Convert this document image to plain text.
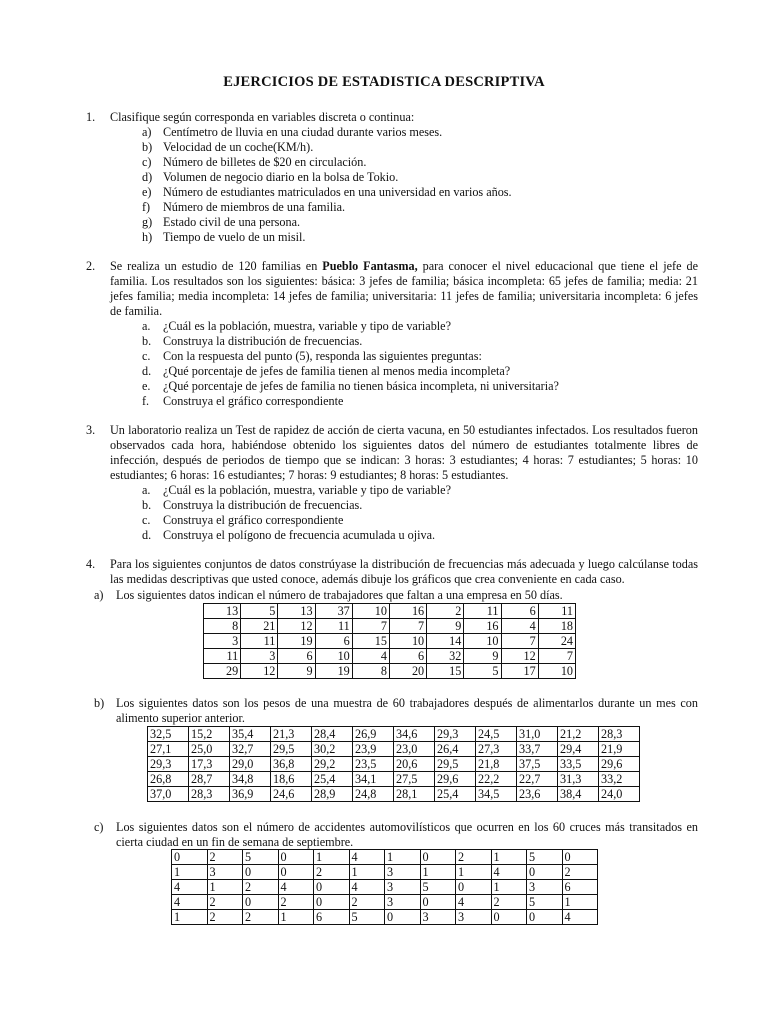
EJERCICIOS DE ESTADISTICA DESCRIPTIVA
1. Clasifique según corresponda en variables discreta o continua:
a) Centímetro de lluvia en una ciudad durante varios meses.
b) Velocidad de un coche(KM/h).
c) Número de billetes de $20 en circulación.
d) Volumen de negocio diario en la bolsa de Tokio.
e) Número de estudiantes matriculados en una universidad en varios años.
f)	Número de miembros de una familia.
g) Estado civil de una persona.
h) Tiempo de vuelo de un misil.
2. Se realiza un estudio de 120 familias en Pueblo Fantasma, para conocer el nivel educacional que tiene el jefe de familia. Los resultados son los siguientes: básica: 3 jefes de familia; básica incompleta: 65 jefes de familia; media: 21 jefes familia; media incompleta: 14 jefes de familia; universitaria: 11 jefes de familia; universitaria incompleta: 6 jefes de familia.
a.	¿Cuál es la población, muestra, variable y tipo de variable?
b. Construya la distribución de frecuencias.
c.	Con la respuesta del punto (5), responda las siguientes preguntas:
d. ¿Qué porcentaje de jefes de familia tienen al menos media incompleta?
e.	¿Qué porcentaje de jefes de familia no tienen básica incompleta, ni universitaria?
f.	Construya el gráfico correspondiente
3. Un laboratorio realiza un Test de rapidez de acción de cierta vacuna, en 50 estudiantes infectados. Los resultados fueron observados cada hora, habiéndose obtenido los siguientes datos del número de estudiantes totalmente libres de infección, después de periodos de tiempo que se indican: 3 horas: 3 estudiantes; 4 horas: 7 estudiantes; 5 horas: 10 estudiantes; 6 horas: 16 estudiantes; 7 horas: 9 estudiantes; 8 horas: 5 estudiantes.
a.	¿Cuál es la población, muestra, variable y tipo de variable?
b. Construya la distribución de frecuencias.
c.	Construya el gráfico correspondiente
d. Construya el polígono de frecuencia acumulada u ojiva.
4. Para los siguientes conjuntos de datos constrúyase la distribución de frecuencias más adecuada y luego calcúlanse todas las medidas descriptivas que usted conoce, además dibuje los gráficos que crea conveniente en cada caso.
a) Los siguientes datos indican el número de trabajadores que faltan a una empresa en 50 días.
13	5	13	37	10	16	2	11	6	11
8	21	12	11	7	7	9	16	4	18
3	11	19	6	15	10	14	10	7	24
11	3	6	10	4	6	32	9	12	7
29	12	9	19	8	20	15	5	17	10
b) Los siguientes datos son los pesos de una muestra de 60 trabajadores después de alimentarlos durante un mes con alimento superior anterior.
32,5	15,2	35,4	21,3	28,4	26,9	34,6	29,3	24,5	31,0	21,2	28,3
27,1	25,0	32,7	29,5	30,2	23,9	23,0	26,4	27,3	33,7	29,4	21,9
29,3	17,3	29,0	36,8	29,2	23,5	20,6	29,5	21,8	37,5	33,5	29,6
26,8	28,7	34,8	18,6	25,4	34,1	27,5	29,6	22,2	22,7	31,3	33,2
37,0	28,3	36,9	24,6	28,9	24,8	28,1	25,4	34,5	23,6	38,4	24,0
c) Los siguientes datos son el número de accidentes automovilísticos que ocurren en los 60 cruces más transitados en cierta ciudad en un fin de semana de septiembre.
0	2	5	0	1	4	1	0	2	1	5	0
1	3	0	0	2	1	3	1	1	4	0	2
4	1	2	4	0	4	3	5	0	1	3	6
4	2	0	2	0	2	3	0	4	2	5	1
1	2	2	1	6	5	0	3	3	0	0	4
